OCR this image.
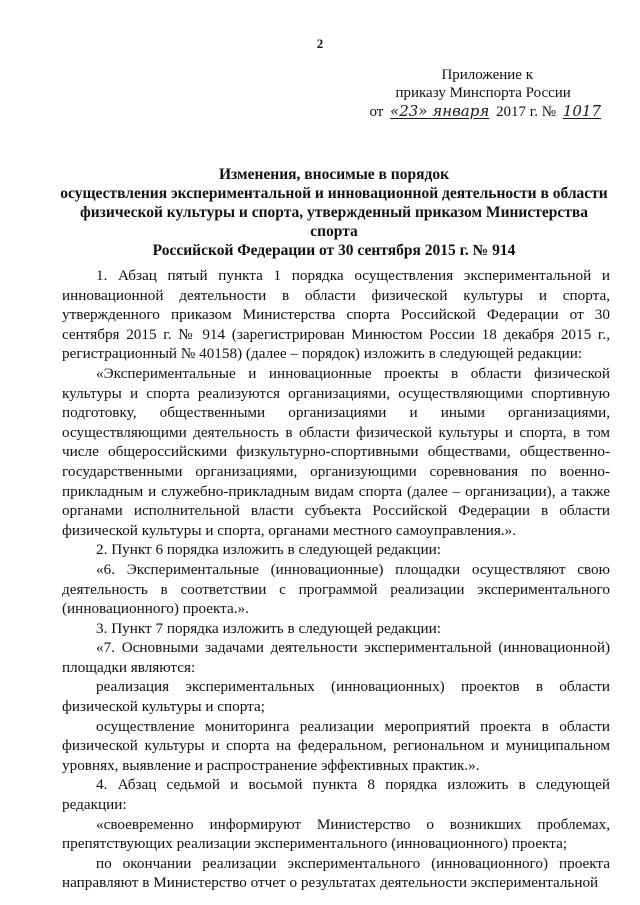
2
Приложение к
приказу Минспорта России
от «23» января 2017 г. № 1017
Изменения, вносимые в порядок
осуществления экспериментальной и инновационной деятельности в области
физической культуры и спорта, утвержденный приказом Министерства спорта
Российской Федерации от 30 сентября 2015 г. № 914

1. Абзац пятый пункта 1 порядка осуществления экспериментальной и инновационной деятельности в области физической культуры и спорта, утвержденного приказом Министерства спорта Российской Федерации от 30 сентября 2015 г. № 914 (зарегистрирован Минюстом России 18 декабря 2015 г., регистрационный № 40158) (далее – порядок) изложить в следующей редакции:

«Экспериментальные и инновационные проекты в области физической культуры и спорта реализуются организациями, осуществляющими спортивную подготовку, общественными организациями и иными организациями, осуществляющими деятельность в области физической культуры и спорта, в том числе общероссийскими физкультурно-спортивными обществами, общественно-государственными организациями, организующими соревнования по военно-прикладным и служебно-прикладным видам спорта (далее – организации), а также органами исполнительной власти субъекта Российской Федерации в области физической культуры и спорта, органами местного самоуправления.».

2. Пункт 6 порядка изложить в следующей редакции:

«6. Экспериментальные (инновационные) площадки осуществляют свою деятельность в соответствии с программой реализации экспериментального (инновационного) проекта.».

3. Пункт 7 порядка изложить в следующей редакции:

«7. Основными задачами деятельности экспериментальной (инновационной) площадки являются:

реализация экспериментальных (инновационных) проектов в области физической культуры и спорта;

осуществление мониторинга реализации мероприятий проекта в области физической культуры и спорта на федеральном, региональном и муниципальном уровнях, выявление и распространение эффективных практик.».

4. Абзац седьмой и восьмой пункта 8 порядка изложить в следующей редакции:

«своевременно информируют Министерство о возникших проблемах, препятствующих реализации экспериментального (инновационного) проекта;

по окончании реализации экспериментального (инновационного) проекта направляют в Министерство отчет о результатах деятельности экспериментальной
